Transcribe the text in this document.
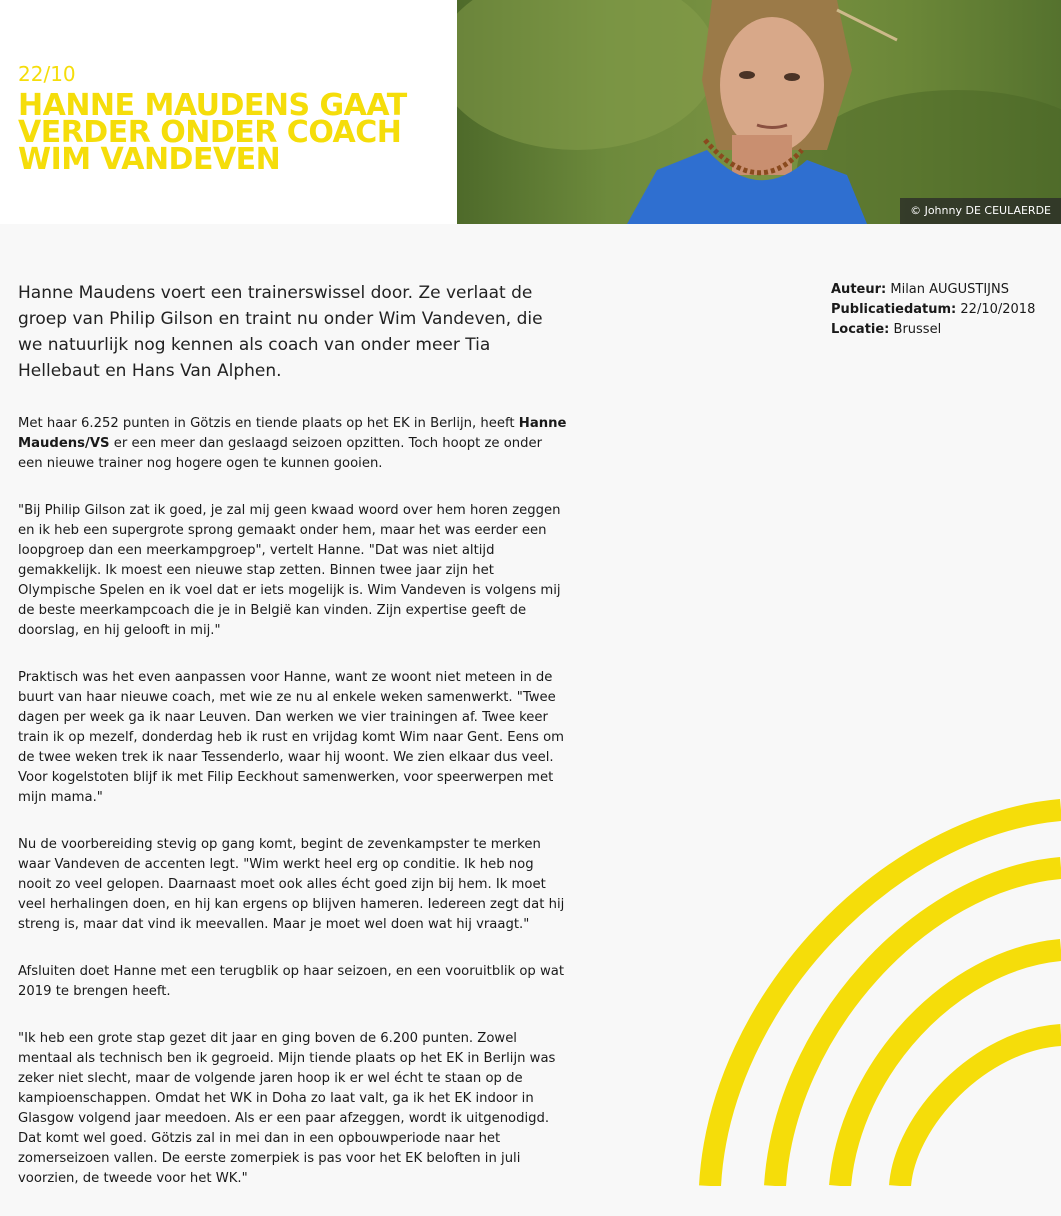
22/10
HANNE MAUDENS GAAT VERDER ONDER COACH WIM VANDEVEN
© Johnny DE CEULAERDE

Hanne Maudens voert een trainerswissel door. Ze verlaat de groep van Philip Gilson en traint nu onder Wim Vandeven, die we natuurlijk nog kennen als coach van onder meer Tia Hellebaut en Hans Van Alphen.

Met haar 6.252 punten in Götzis en tiende plaats op het EK in Berlijn, heeft Hanne Maudens/VS er een meer dan geslaagd seizoen opzitten. Toch hoopt ze onder een nieuwe trainer nog hogere ogen te kunnen gooien.

"Bij Philip Gilson zat ik goed, je zal mij geen kwaad woord over hem horen zeggen en ik heb een supergrote sprong gemaakt onder hem, maar het was eerder een loopgroep dan een meerkampgroep", vertelt Hanne. "Dat was niet altijd gemakkelijk. Ik moest een nieuwe stap zetten. Binnen twee jaar zijn het Olympische Spelen en ik voel dat er iets mogelijk is. Wim Vandeven is volgens mij de beste meerkampcoach die je in België kan vinden. Zijn expertise geeft de doorslag, en hij gelooft in mij."

Praktisch was het even aanpassen voor Hanne, want ze woont niet meteen in de buurt van haar nieuwe coach, met wie ze nu al enkele weken samenwerkt. "Twee dagen per week ga ik naar Leuven. Dan werken we vier trainingen af. Twee keer train ik op mezelf, donderdag heb ik rust en vrijdag komt Wim naar Gent. Eens om de twee weken trek ik naar Tessenderlo, waar hij woont. We zien elkaar dus veel. Voor kogelstoten blijf ik met Filip Eeckhout samenwerken, voor speerwerpen met mijn mama."

Nu de voorbereiding stevig op gang komt, begint de zevenkampster te merken waar Vandeven de accenten legt. "Wim werkt heel erg op conditie. Ik heb nog nooit zo veel gelopen. Daarnaast moet ook alles écht goed zijn bij hem. Ik moet veel herhalingen doen, en hij kan ergens op blijven hameren. Iedereen zegt dat hij streng is, maar dat vind ik meevallen. Maar je moet wel doen wat hij vraagt."

Afsluiten doet Hanne met een terugblik op haar seizoen, en een vooruitblik op wat 2019 te brengen heeft.

"Ik heb een grote stap gezet dit jaar en ging boven de 6.200 punten. Zowel mentaal als technisch ben ik gegroeid. Mijn tiende plaats op het EK in Berlijn was zeker niet slecht, maar de volgende jaren hoop ik er wel écht te staan op de kampioenschappen. Omdat het WK in Doha zo laat valt, ga ik het EK indoor in Glasgow volgend jaar meedoen. Als er een paar afzeggen, wordt ik uitgenodigd. Dat komt wel goed. Götzis zal in mei dan in een opbouwperiode naar het zomerseizoen vallen. De eerste zomerpiek is pas voor het EK beloften in juli voorzien, de tweede voor het WK."

Auteur: Milan AUGUSTIJNS
Publicatiedatum: 22/10/2018
Locatie: Brussel
